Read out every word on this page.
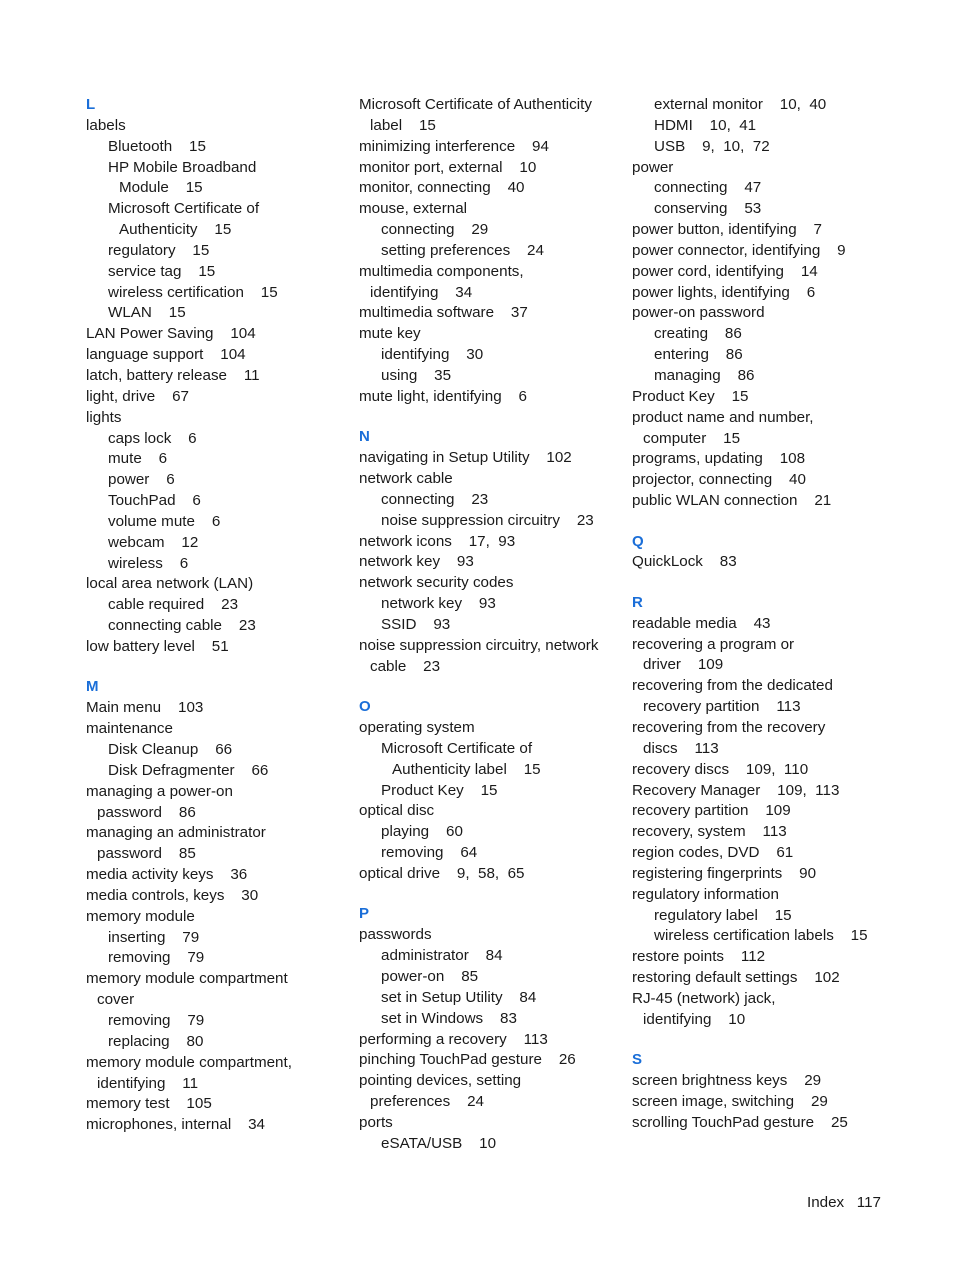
L
labels
Bluetooth    15
HP Mobile Broadband
Module    15
Microsoft Certificate of
Authenticity    15
regulatory    15
service tag    15
wireless certification    15
WLAN    15
LAN Power Saving    104
language support    104
latch, battery release    11
light, drive    67
lights
caps lock    6
mute    6
power    6
TouchPad    6
volume mute    6
webcam    12
wireless    6
local area network (LAN)
cable required    23
connecting cable    23
low battery level    51
M
Main menu    103
maintenance
Disk Cleanup    66
Disk Defragmenter    66
managing a power-on
password    86
managing an administrator
password    85
media activity keys    36
media controls, keys    30
memory module
inserting    79
removing    79
memory module compartment
cover
removing    79
replacing    80
memory module compartment,
identifying    11
memory test    105
microphones, internal    34
Microsoft Certificate of Authenticity
label    15
minimizing interference    94
monitor port, external    10
monitor, connecting    40
mouse, external
connecting    29
setting preferences    24
multimedia components,
identifying    34
multimedia software    37
mute key
identifying    30
using    35
mute light, identifying    6
N
navigating in Setup Utility    102
network cable
connecting    23
noise suppression circuitry    23
network icons    17,  93
network key    93
network security codes
network key    93
SSID    93
noise suppression circuitry, network
cable    23
O
operating system
Microsoft Certificate of
Authenticity label    15
Product Key    15
optical disc
playing    60
removing    64
optical drive    9,  58,  65
P
passwords
administrator    84
power-on    85
set in Setup Utility    84
set in Windows    83
performing a recovery    113
pinching TouchPad gesture    26
pointing devices, setting
preferences    24
ports
eSATA/USB    10
external monitor    10,  40
HDMI    10,  41
USB    9,  10,  72
power
connecting    47
conserving    53
power button, identifying    7
power connector, identifying    9
power cord, identifying    14
power lights, identifying    6
power-on password
creating    86
entering    86
managing    86
Product Key    15
product name and number,
computer    15
programs, updating    108
projector, connecting    40
public WLAN connection    21
Q
QuickLock    83
R
readable media    43
recovering a program or
driver    109
recovering from the dedicated
recovery partition    113
recovering from the recovery
discs    113
recovery discs    109,  110
Recovery Manager    109,  113
recovery partition    109
recovery, system    113
region codes, DVD    61
registering fingerprints    90
regulatory information
regulatory label    15
wireless certification labels    15
restore points    112
restoring default settings    102
RJ-45 (network) jack,
identifying    10
S
screen brightness keys    29
screen image, switching    29
scrolling TouchPad gesture    25
Index   117
